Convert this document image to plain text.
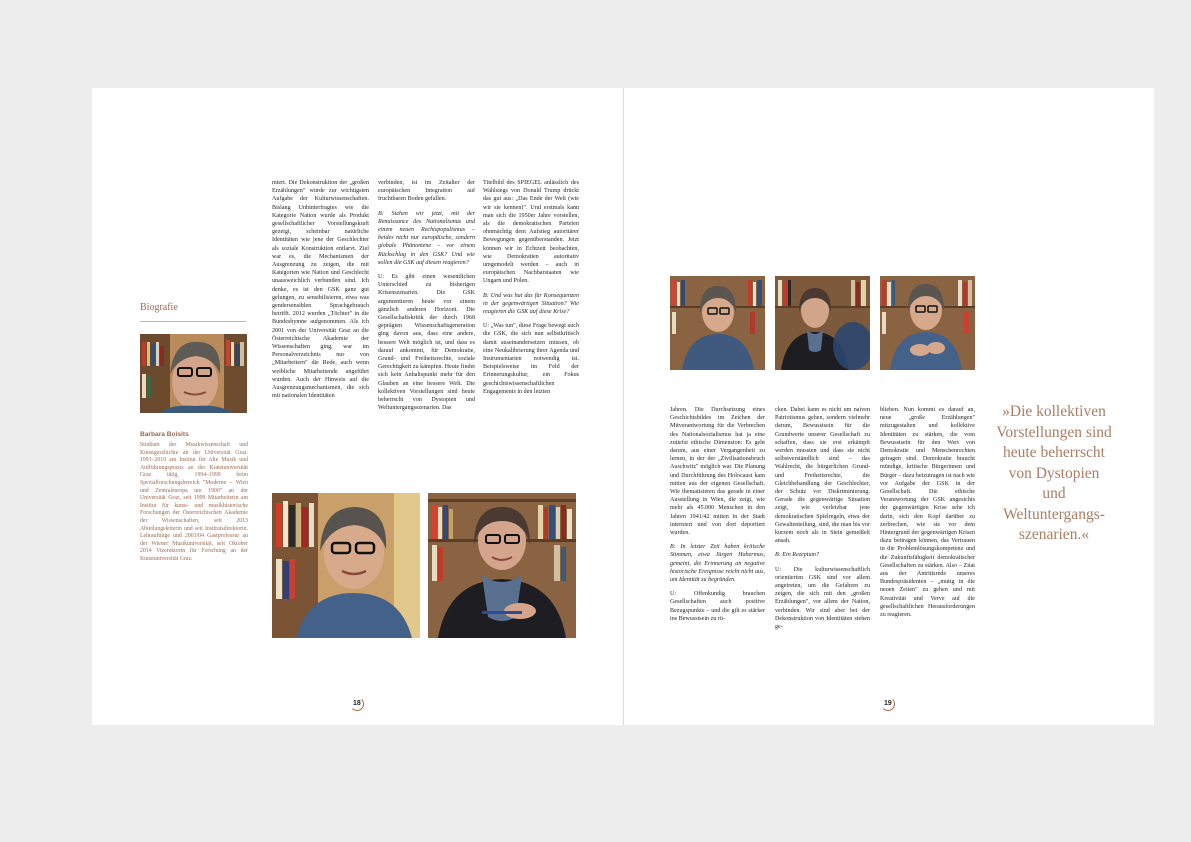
Biografie
Barbara Boisits
Studium der Musikwissenschaft und Kunstgeschichte an der Universität Graz. 1991–2010 am Institut für Alte Musik und Aufführungspraxis an der Kunstuniversität Graz tätig, 1994–1999 beim Spezialforschungsbereich "Moderne – Wien und Zentraleuropa um 1900" an der Universität Graz, seit 1999 Mitarbeiterin am Institut für kunst- und musikhistorische Forschungen der Österreichischen Akademie der Wissenschaften, seit 2013 Abteilungsleiterin und seit Institutsdirektorin. Lehraufträge und 2003/04 Gastprofessur an der Wiener Musikuniversität, seit Oktober 2014 Vizerektorin für Forschung an der Kunstuniversität Graz.

miert. Die Dekonstruktion der „großen Erzählungen" wurde zur wichtigsten Aufgabe der Kulturwissenschaften. Bislang Unhinterfragtes wie die Kategorie Nation wurde als Produkt gesellschaftlicher Vorstellungskraft gezeigt, scheinbar natürliche Identitäten wie jene der Geschlechter als soziale Konstruktion entlarvt. Ziel war es, die Mechanismen der Ausgrenzung zu zeigen, die mit Kategorien wie Nation und Geschlecht unausweichlich verbunden sind. Ich denke, es ist den GSK ganz gut gelungen, zu sensibilisieren, etwa was gendersensiblen Sprachgebrauch betrifft. 2012 wurden „Töchter" in die Bundeshymne aufgenommen. Als ich 2001 von der Universität Graz an die Österreichische Akademie der Wissenschaften ging, war im Personalverzeichnis nur von „Mitarbeitern" die Rede, auch wenn weibliche Mitarbeitende angeführt wurden. Auch der Hinweis auf die Ausgrenzungsmechanismen, die sich mit nationalen Identitäten

verbinden, ist im Zeitalter der europäischen Integration auf fruchtbaren Boden gefallen.

B: Stehen wir jetzt, mit der Renaissance des Nationalismus und einem neuen Rechtspopulismus – beides nicht nur europäische, sondern globale Phänomene – vor einem Rückschlag in den GSK? Und wie sollen die GSK auf diesen reagieren?

U: Es gibt einen wesentlichen Unterschied zu bisherigen Krisenszenarien. Die GSK argumentieren heute vor einem gänzlich anderen Horizont. Die Gesellschaftskritik der durch 1968 geprägten Wissenschaftsgeneration ging davon aus, dass eine andere, bessere Welt möglich ist, und dass es darauf ankommt, für Demokratie, Grund- und Freiheitsrechte, soziale Gerechtigkeit zu kämpfen. Heute findet sich kein Anhaltspunkt mehr für den Glauben an eine bessere Welt. Die kollektiven Vorstellungen sind heute beherrscht von Dystopien und Weltuntergangsszenarien. Das

Titelbild des SPIEGEL anlässlich des Wahlsiegs von Donald Trump drückt das gut aus: „Das Ende der Welt (wie wir sie kennen)". Und erstmals kann man sich die 1950er Jahre vorstellen, als die demokratischen Parteien ohnmächtig dem Aufstieg autoritärer Bewegungen gegenüberstanden. Jetzt können wir in Echtzeit beobachten, wie Demokratien autoritativ umgemodelt werden – auch in europäischen Nachbarstaaten wie Ungarn und Polen.

B: Und was hat das für Konsequenzen in der gegenwärtigen Situation? Wie reagieren die GSK auf diese Krise?

U: „Was tun", diese Frage bewegt auch die GSK, die sich nun selbstkritisch damit auseinandersetzen müssen, ob eine Neukalibrierung ihrer Agenda und Instrumentarien notwendig ist. Beispielsweise im Feld der Erinnerungskultur, ein Fokus geschichtswissenschaftlichen Engagements in den letzten

18

Jahren. Die Durchsetzung eines Geschichtsbildes im Zeichen der Mitverantwortung für die Verbrechen des Nationalsozialismus hat ja eine zutiefst ethische Dimension: Es geht darum, aus einer Vergangenheit zu lernen, in der der „Zivilisationsbruch Auschwitz" möglich war. Die Planung und Durchführung des Holocaust kam mitten aus der eigenen Gesellschaft. Wie thematisieren das gerade in einer Ausstellung in Wien, die zeigt, wie mehr als 45.000 Menschen in den Jahren 1941/42 mitten in der Stadt interniert und von dort deportiert wurden.

B: In letzter Zeit haben kritische Stimmen, etwa Jürgen Habermas, gemeint, die Erinnerung an negative historische Ereignisse reicht nicht aus, um Identität zu begründen.

U: Offenkundig brauchen Gesellschaften auch positive Bezugspunkte – und die gilt es stärker ins Bewusstsein zu rü-

cken. Dabei kann es nicht um naiven Patriotismus gehen, sondern vielmehr darum, Bewusstsein für die Grundwerte unserer Gesellschaft zu schaffen, dass sie erst erkämpft werden mussten und dass sie nicht selbstverständlich sind – das Wahlrecht, die bürgerlichen Grund- und Freiheitsrechte, die Gleichbehandlung der Geschlechter, der Schutz vor Diskriminierung. Gerade die gegenwärtige Situation zeigt, wie verletzbar jene demokratischen Spielregeln, etwa der Gewaltenteilung, sind, die man bis vor kurzem noch als in Stein gemeißelt ansah.

B: Ein Rezeptum?

U: Die kulturwissenschaftlich orientierten GSK sind vor allem angetreten, um die Gefahren zu zeigen, die sich mit den „großen Erzählungen", vor allem der Nation, verbinden. Wir sind aber bei der Dekonstruktion von Identitäten stehen ge-

blieben. Nun kommt es darauf an, neue „große Erzählungen" mitzugestalten und kollektive Identitäten zu stärken, die vom Bewusstsein für den Wert von Demokratie und Menschenrechten getragen sind. Demokratie braucht mündige, kritische Bürgerinnen und Bürger – dazu beizutragen ist nach wie vor Aufgabe der GSK in der Gesellschaft. Die ethische Verantwortung der GSK angesichts der gegenwärtigen Krise sehe ich darin, sich den Kopf darüber zu zerbrechen, wie sie vor dem Hintergrund der gegenwärtigen Krisen dazu beitragen können, das Vertrauen in die Problemlösungskompetenz und die Zukunftsfähigkeit demokratischer Gesellschaften zu stärken. Also – Zitat aus der Antrittsrede unseres Bundespräsidenten – „mutig in die neuen Zeiten" zu gehen und mit Kreativität und Verve auf die gesellschaftlichen Herausforderungen zu reagieren.

»Die kollektiven Vorstellungen sind heute beherrscht von Dystopien und Weltuntergangs-szenarien.«
19
